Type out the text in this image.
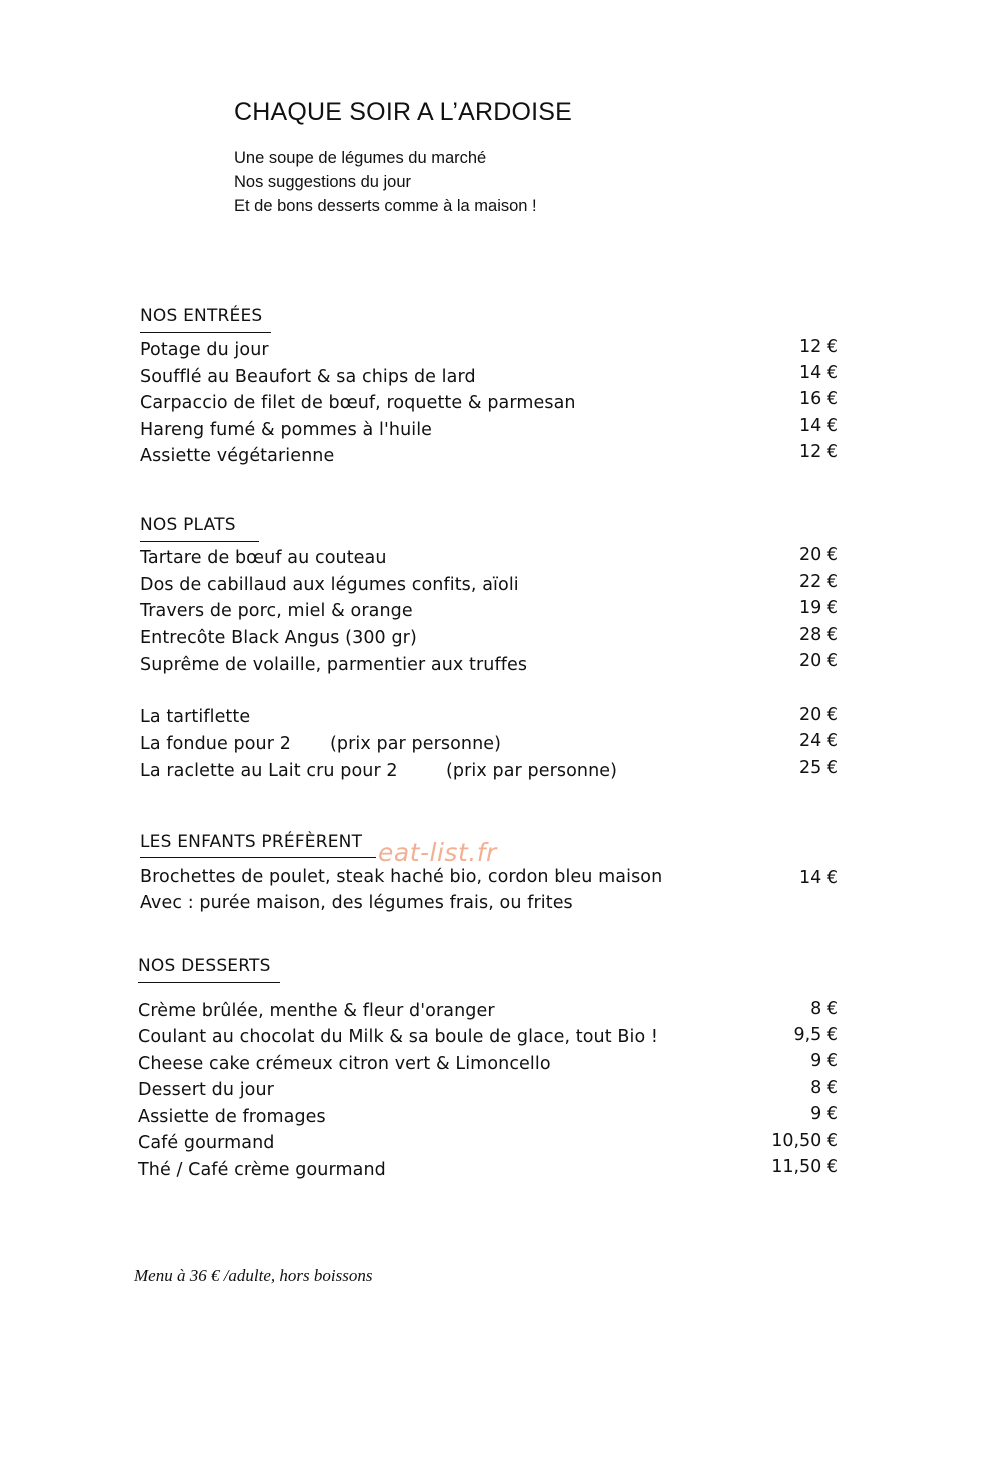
CHAQUE SOIR A L’ARDOISE
Une soupe de légumes du marché
Nos suggestions du jour
Et de bons desserts comme à la maison !
NOS ENTRÉES
Potage du jour	12 €
Soufflé au Beaufort & sa chips de lard	14 €
Carpaccio de filet de bœuf, roquette & parmesan	16 €
Hareng fumé & pommes à l'huile	14 €
Assiette végétarienne	12 €
NOS PLATS
Tartare de bœuf au couteau	20 €
Dos de cabillaud aux légumes confits, aïoli	22 €
Travers de porc, miel & orange	19 €
Entrecôte Black Angus (300 gr)	28 €
Suprême de volaille, parmentier aux truffes	20 €
La tartiflette	20 €
La fondue pour 2 (prix par personne)	24 €
La raclette au Lait cru pour 2	(prix par personne)	25 €
LES ENFANTS PRÉFÈRENT
Brochettes de poulet, steak haché bio, cordon bleu maison	14 €
Avec : purée maison, des légumes frais, ou frites
eat-list.fr
NOS DESSERTS
Crème brûlée, menthe & fleur d'oranger	8 €
Coulant au chocolat du Milk & sa boule de glace, tout Bio !	9,5 €
Cheese cake crémeux citron vert & Limoncello	9 €
Dessert du jour	8 €
Assiette de fromages	9 €
Café gourmand	10,50 €
Thé / Café crème gourmand	11,50 €
Menu à 36 € /adulte, hors boissons
